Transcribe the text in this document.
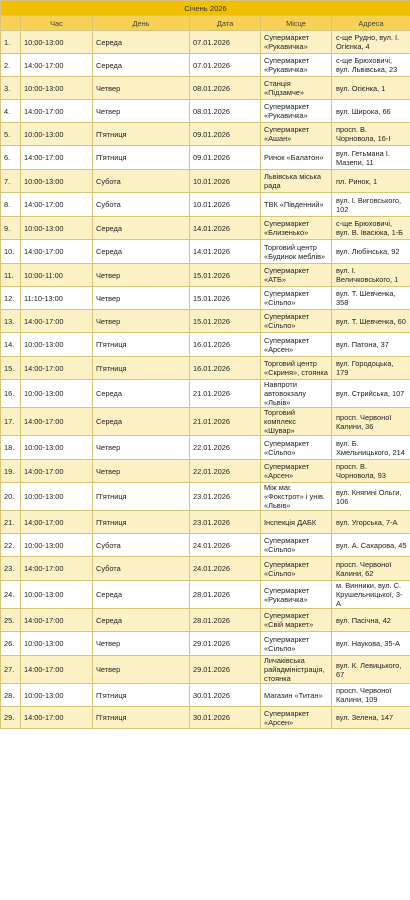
Січень 2026					
	Час	День	Дата	Місце	Адреса
1.	10:00-13:00	Середа	07.01.2026	Супермаркет «Рукавичка»	с-ще Рудно, вул. І. Огієнка, 4
2.	14:00-17:00	Середа	07.01.2026	Супермаркет «Рукавичка»	с-ще Брюховичі, вул. Львівська, 23
3.	10:00-13:00	Четвер	08.01.2026	Станція «Підзамче»	вул. Огієнка, 1
4.	14:00-17:00	Четвер	08.01.2026	Супермаркет «Рукавичка»	вул. Широка, 66
5.	10:00-13:00	П'ятниця	09.01.2026	Супермаркет «Ашан»	просп. В. Чорновола, 16-І
6.	14:00-17:00	П'ятниця	09.01.2026	Ринок «Балатон»	вул. Гетьмана І. Мазепи, 11
7.	10:00-13:00	Субота	10.01.2026	Львівська міська рада	пл. Ринок, 1
8.	14:00-17:00	Субота	10.01.2026	ТВК «Південний»	вул. І. Виговського, 102
9.	10:00-13:00	Середа	14.01.2026	Супермаркет «Близенько»	с-ще Брюховичі, вул. В. Івасюка, 1-Б
10.	14:00-17:00	Середа	14.01.2026	Торговий центр «Будинок меблів»	вул. Любінська, 92
11.	10:00-11:00	Четвер	15.01.2026	Супермаркет «АТБ»	вул. І. Величковського, 1
12.	11:10-13:00	Четвер	15.01.2026	Супермаркет «Сільпо»	вул. Т. Шевченка, 358
13.	14:00-17:00	Четвер	15.01.2026	Супермаркет «Сільпо»	вул. Т. Шевченка, 60
14.	10:00-13:00	П'ятниця	16.01.2026	Супермаркет «Арсен»	вул. Патона, 37
15.	14:00-17:00	П'ятниця	16.01.2026	Торговий центр «Скриня», стоянка	вул. Городоцька, 179
16.	10:00-13:00	Середа	21.01.2026	Навпроти автовокзалу «Львів»	вул. Стрийська, 107
17.	14:00-17:00	Середа	21.01.2026	Торговий комплекс «Шувар»	просп. Червоної Калини, 36
18.	10:00-13:00	Четвер	22.01.2026	Супермаркет «Сільпо»	вул. Б. Хмельницького, 214
19.	14:00-17:00	Четвер	22.01.2026	Супермаркет «Арсен»	просп. В. Чорновола, 93
20.	10:00-13:00	П'ятниця	23.01.2026	Між маг. «Фокстрот» і унів. «Львів»	вул. Княгині Ольги, 106
21.	14:00-17:00	П'ятниця	23.01.2026	Інспекція ДАБК	вул. Угорська, 7-А
22.	10:00-13:00	Субота	24.01.2026	Супермаркет «Сільпо»	вул. А. Сахарова, 45
23.	14:00-17:00	Субота	24.01.2026	Супермаркет «Сільпо»	просп. Червоної Калини, 62
24.	10:00-13:00	Середа	28.01.2026	Супермаркет «Рукавичка»	м. Винники, вул. С. Крушельницької, 3-А
25.	14:00-17:00	Середа	28.01.2026	Супермаркет «Свій маркет»	вул. Пасічна, 42
26.	10:00-13:00	Четвер	29.01.2026	Супермаркет «Сільпо»	вул. Наукова, 35-А
27.	14:00-17:00	Четвер	29.01.2026	Личаківська райадміністрація, стоянка	вул. К. Левицького, 67
28.	10:00-13:00	П'ятниця	30.01.2026	Магазин «Титан»	просп. Червоної Калини, 109
29.	14:00-17:00	П'ятниця	30.01.2026	Супермаркет «Арсен»	вул. Зелена, 147
